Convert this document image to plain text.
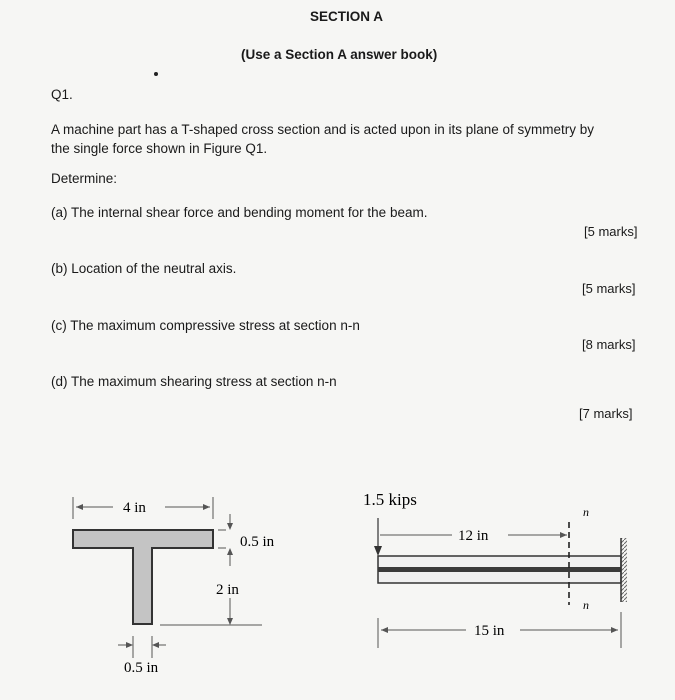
SECTION A
(Use a Section A answer book)
Q1.
A machine part has a T-shaped cross section and is acted upon in its plane of symmetry by
the single force shown in Figure Q1.
Determine:
(a) The internal shear force and bending moment for the beam.
[5 marks]
(b) Location of the neutral axis.
[5 marks]
(c) The maximum compressive stress at section n-n
[8 marks]
(d) The maximum shearing stress at section n-n
[7 marks]
4 in
0.5 in
2 in
0.5 in
1.5 kips
n
n
12 in
15 in
